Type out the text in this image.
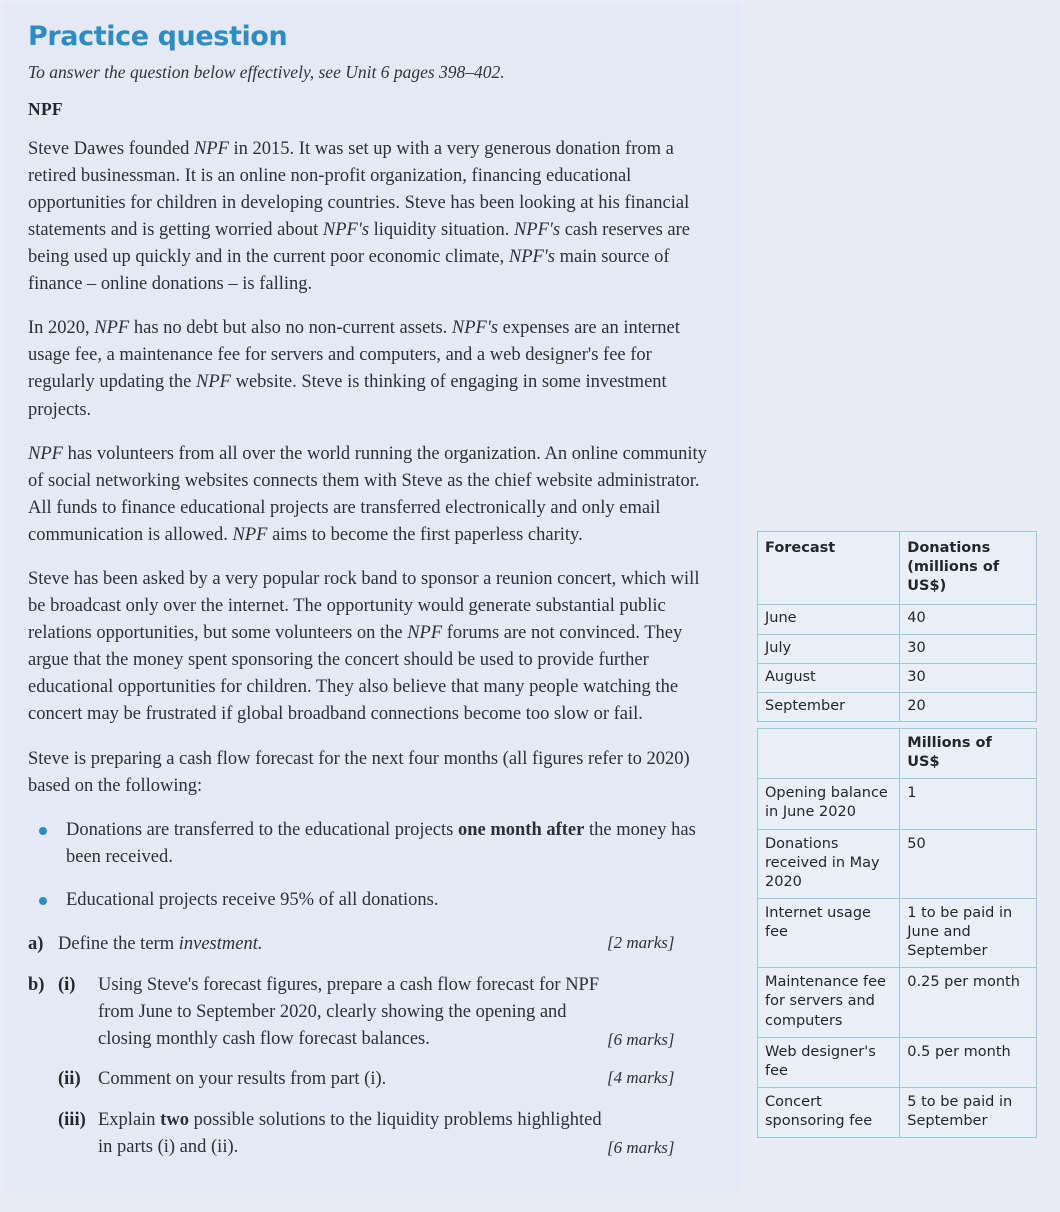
Practice question
To answer the question below effectively, see Unit 6 pages 398–402.
NPF

Steve Dawes founded NPF in 2015. It was set up with a very generous donation from a retired businessman. It is an online non-profit organization, financing educational opportunities for children in developing countries. Steve has been looking at his financial statements and is getting worried about NPF's liquidity situation. NPF's cash reserves are being used up quickly and in the current poor economic climate, NPF's main source of finance – online donations – is falling.

In 2020, NPF has no debt but also no non-current assets. NPF's expenses are an internet usage fee, a maintenance fee for servers and computers, and a web designer's fee for regularly updating the NPF website. Steve is thinking of engaging in some investment projects.

NPF has volunteers from all over the world running the organization. An online community of social networking websites connects them with Steve as the chief website administrator. All funds to finance educational projects are transferred electronically and only email communication is allowed. NPF aims to become the first paperless charity.

Steve has been asked by a very popular rock band to sponsor a reunion concert, which will be broadcast only over the internet. The opportunity would generate substantial public relations opportunities, but some volunteers on the NPF forums are not convinced. They argue that the money spent sponsoring the concert should be used to provide further educational opportunities for children. They also believe that many people watching the concert may be frustrated if global broadband connections become too slow or fail.

Steve is preparing a cash flow forecast for the next four months (all figures refer to 2020) based on the following:

Donations are transferred to the educational projects one month after the money has been received.
Educational projects receive 95% of all donations.
a) Define the term investment.	[2 marks]
b) (i)	Using Steve's forecast figures, prepare a cash flow forecast for NPF from June to September 2020, clearly showing the opening and closing monthly cash flow forecast balances.	[6 marks]
(ii) Comment on your results from part (i).	[4 marks]
(iii) Explain two possible solutions to the liquidity problems highlighted in parts (i) and (ii).	[6 marks]
Forecast	Donations
(millions of US$)
June	40
July	30
August	30
September	20
	Millions of US$
Opening balance in June 2020	1
Donations received in May 2020	50
Internet usage fee	1 to be paid in June and September
Maintenance fee for servers and computers	0.25 per month
Web designer's fee	0.5 per month
Concert sponsoring fee	5 to be paid in September
